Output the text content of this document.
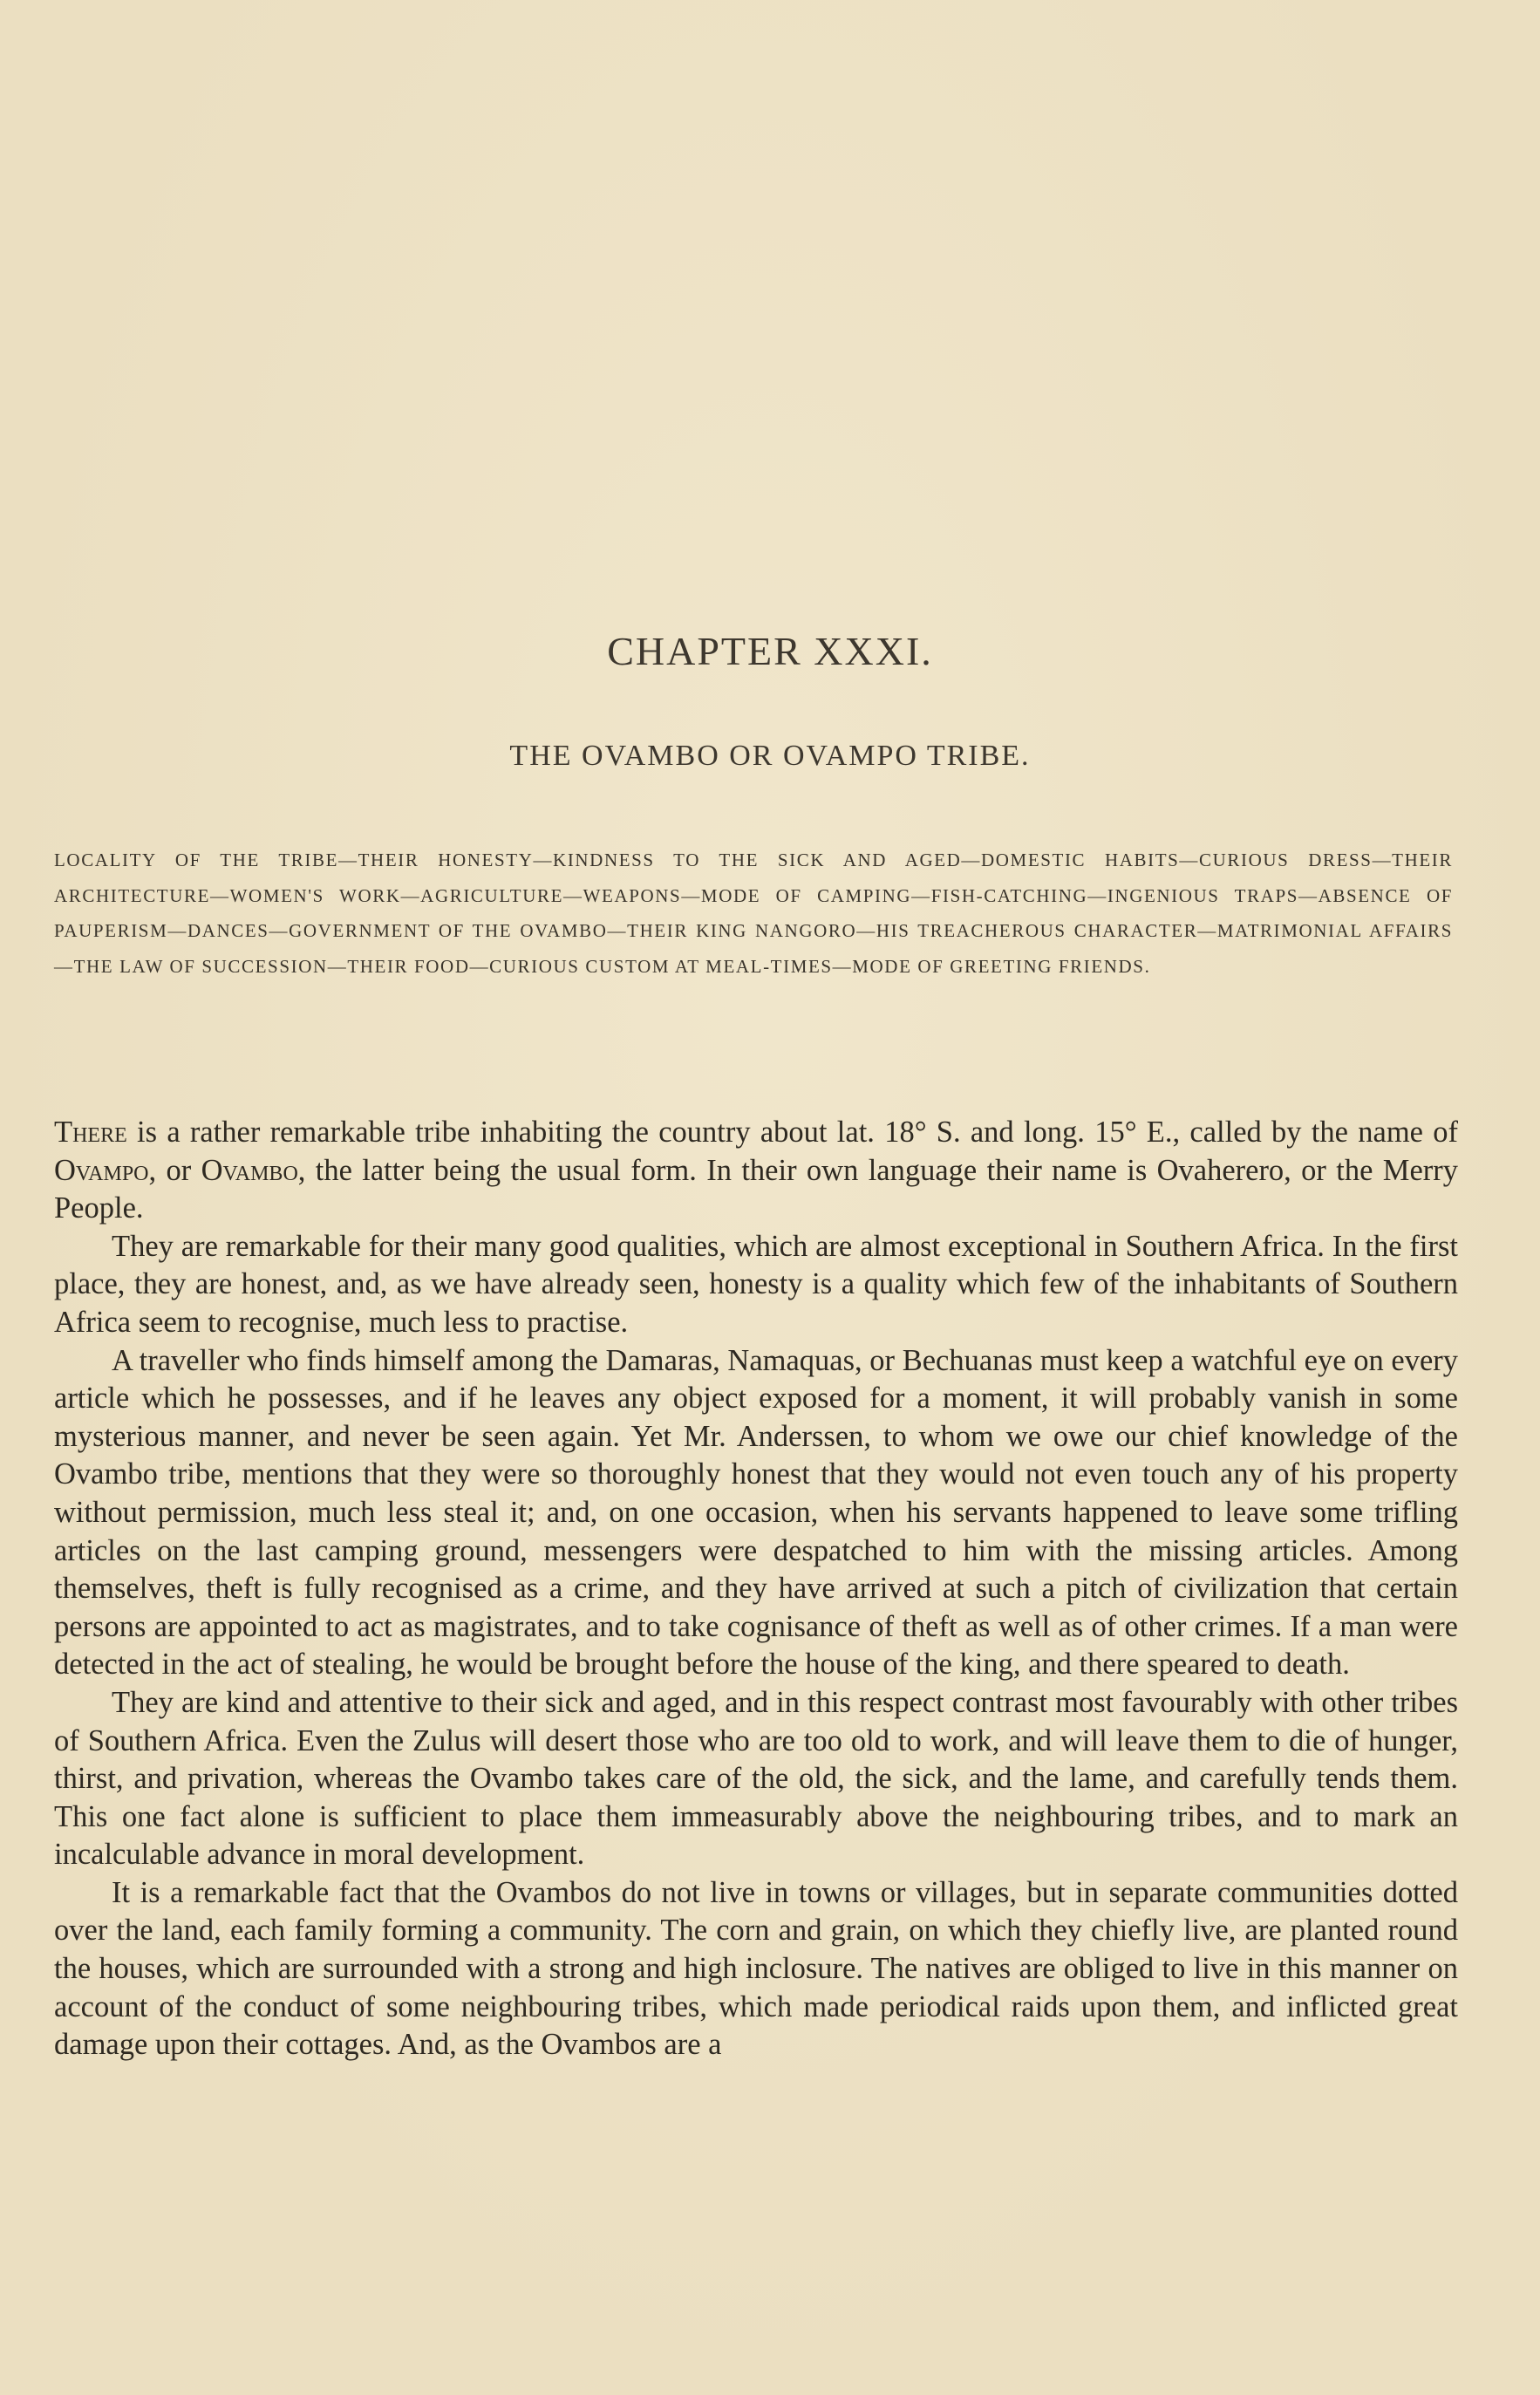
CHAPTER XXXI.
THE OVAMBO OR OVAMPO TRIBE.
LOCALITY OF THE TRIBE—THEIR HONESTY—KINDNESS TO THE SICK AND AGED—DOMESTIC HABITS—CURIOUS DRESS—THEIR ARCHITECTURE—WOMEN'S WORK—AGRICULTURE—WEAPONS—MODE OF CAMPING—FISH-CATCHING—INGENIOUS TRAPS—ABSENCE OF PAUPERISM—DANCES—GOVERNMENT OF THE OVAMBO—THEIR KING NANGORO—HIS TREACHEROUS CHARACTER—MATRIMONIAL AFFAIRS—THE LAW OF SUCCESSION—THEIR FOOD—CURIOUS CUSTOM AT MEAL-TIMES—MODE OF GREETING FRIENDS.

There is a rather remarkable tribe inhabiting the country about lat. 18° S. and long. 15° E., called by the name of Ovampo, or Ovambo, the latter being the usual form. In their own language their name is Ovaherero, or the Merry People.

They are remarkable for their many good qualities, which are almost exceptional in Southern Africa. In the first place, they are honest, and, as we have already seen, honesty is a quality which few of the inhabitants of Southern Africa seem to recognise, much less to practise.

A traveller who finds himself among the Damaras, Namaquas, or Bechuanas must keep a watchful eye on every article which he possesses, and if he leaves any object exposed for a moment, it will probably vanish in some mysterious manner, and never be seen again. Yet Mr. Anderssen, to whom we owe our chief knowledge of the Ovambo tribe, mentions that they were so thoroughly honest that they would not even touch any of his property without permission, much less steal it; and, on one occasion, when his servants happened to leave some trifling articles on the last camping ground, messengers were despatched to him with the missing articles. Among themselves, theft is fully recognised as a crime, and they have arrived at such a pitch of civilization that certain persons are appointed to act as magistrates, and to take cognisance of theft as well as of other crimes. If a man were detected in the act of stealing, he would be brought before the house of the king, and there speared to death.

They are kind and attentive to their sick and aged, and in this respect contrast most favourably with other tribes of Southern Africa. Even the Zulus will desert those who are too old to work, and will leave them to die of hunger, thirst, and privation, whereas the Ovambo takes care of the old, the sick, and the lame, and carefully tends them. This one fact alone is sufficient to place them immeasurably above the neighbouring tribes, and to mark an incalculable advance in moral development.

It is a remarkable fact that the Ovambos do not live in towns or villages, but in separate communities dotted over the land, each family forming a community. The corn and grain, on which they chiefly live, are planted round the houses, which are surrounded with a strong and high inclosure. The natives are obliged to live in this manner on account of the conduct of some neighbouring tribes, which made periodical raids upon them, and inflicted great damage upon their cottages. And, as the Ovambos are a
